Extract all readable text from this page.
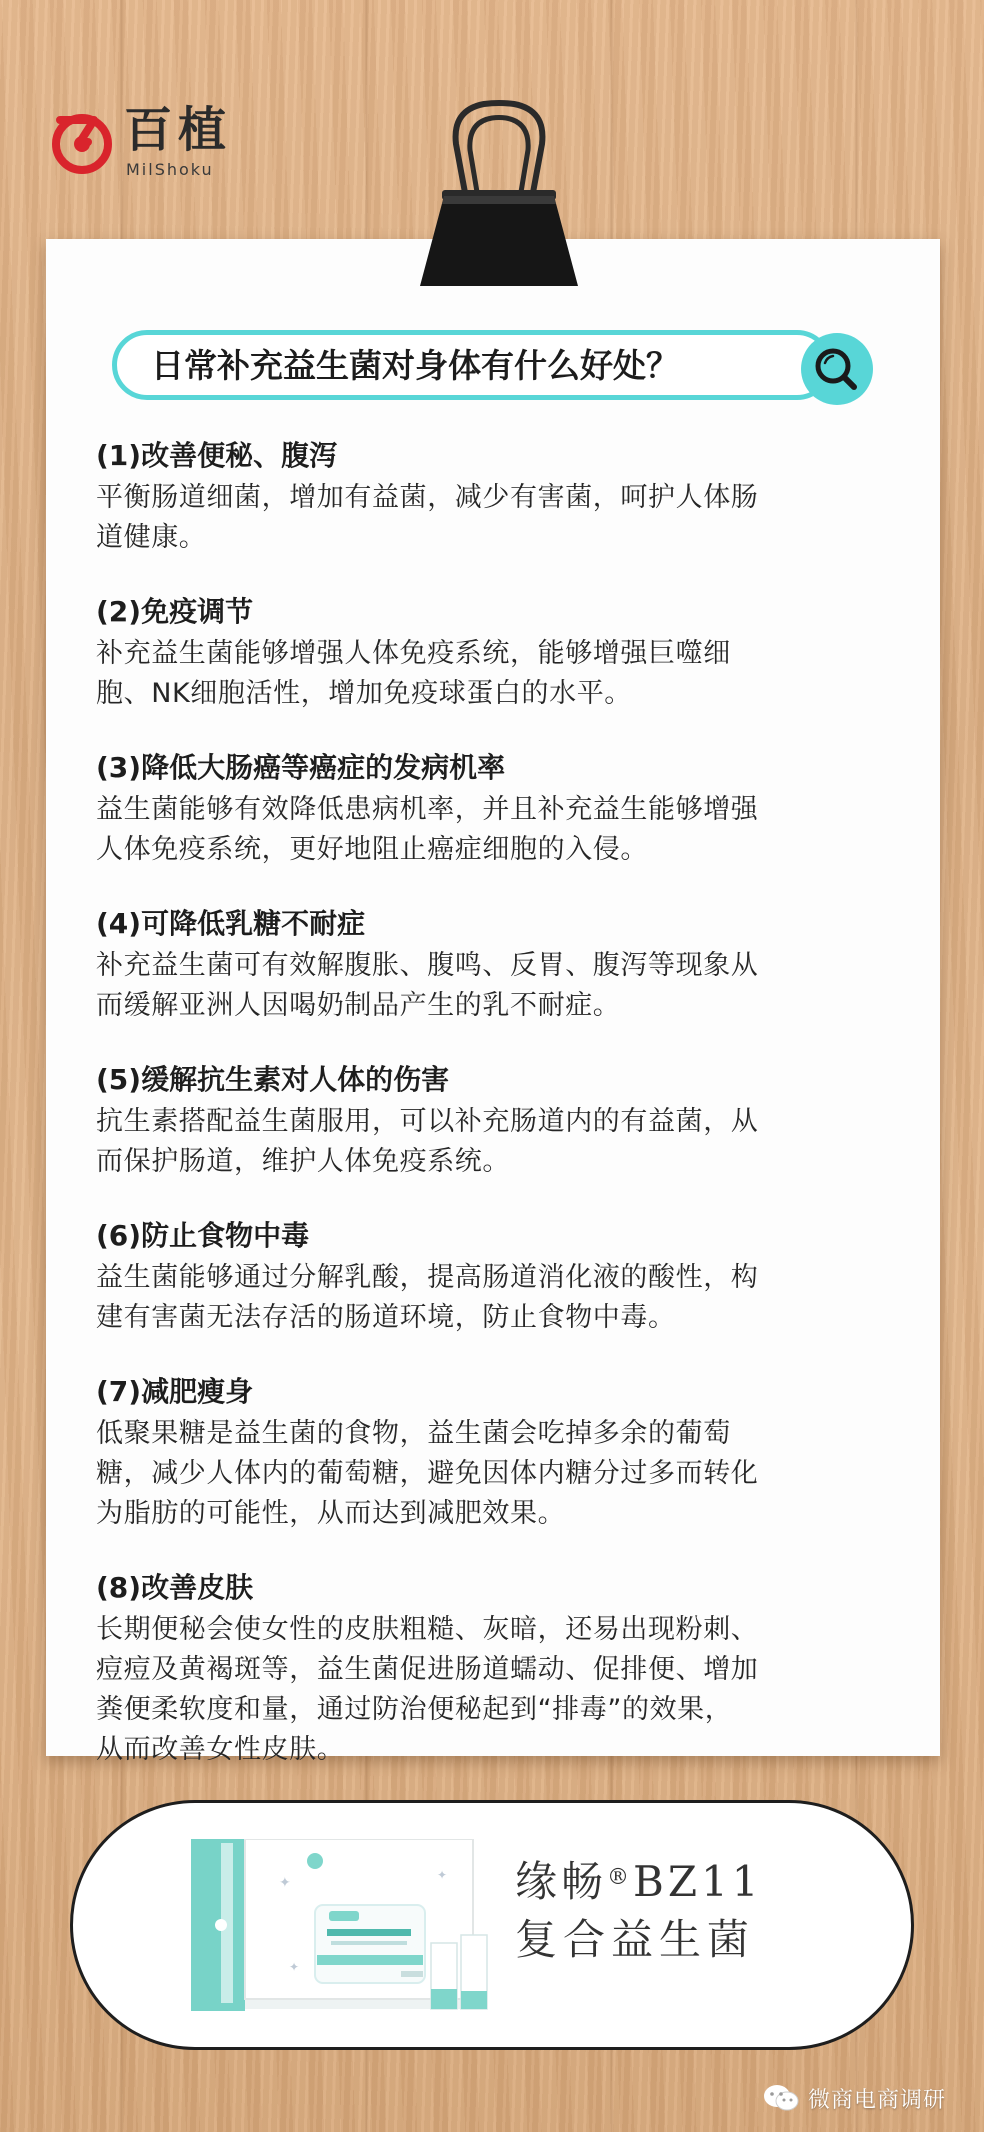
百植
MilShoku
日常补充益生菌对身体有什么好处？
(1)改善便秘、腹泻

平衡肠道细菌，增加有益菌，减少有害菌，呵护人体肠
道健康。

(2)免疫调节

补充益生菌能够增强人体免疫系统，能够增强巨噬细
胞、NK细胞活性，增加免疫球蛋白的水平。

(3)降低大肠癌等癌症的发病机率

益生菌能够有效降低患病机率，并且补充益生能够增强
人体免疫系统，更好地阻止癌症细胞的入侵。

(4)可降低乳糖不耐症

补充益生菌可有效解腹胀、腹鸣、反胃、腹泻等现象从
而缓解亚洲人因喝奶制品产生的乳不耐症。

(5)缓解抗生素对人体的伤害

抗生素搭配益生菌服用，可以补充肠道内的有益菌，从
而保护肠道，维护人体免疫系统。

(6)防止食物中毒

益生菌能够通过分解乳酸，提高肠道消化液的酸性，构
建有害菌无法存活的肠道环境，防止食物中毒。

(7)减肥瘦身

低聚果糖是益生菌的食物，益生菌会吃掉多余的葡萄
糖，减少人体内的葡萄糖，避免因体内糖分过多而转化
为脂肪的可能性，从而达到减肥效果。

(8)改善皮肤

长期便秘会使女性的皮肤粗糙、灰暗，还易出现粉刺、
痘痘及黄褐斑等，益生菌促进肠道蠕动、促排便、增加
粪便柔软度和量，通过防治便秘起到“排毒”的效果，
从而改善女性皮肤。

✦	✦
✦
缘畅®BZ11
复合益生菌
微商电商调研
